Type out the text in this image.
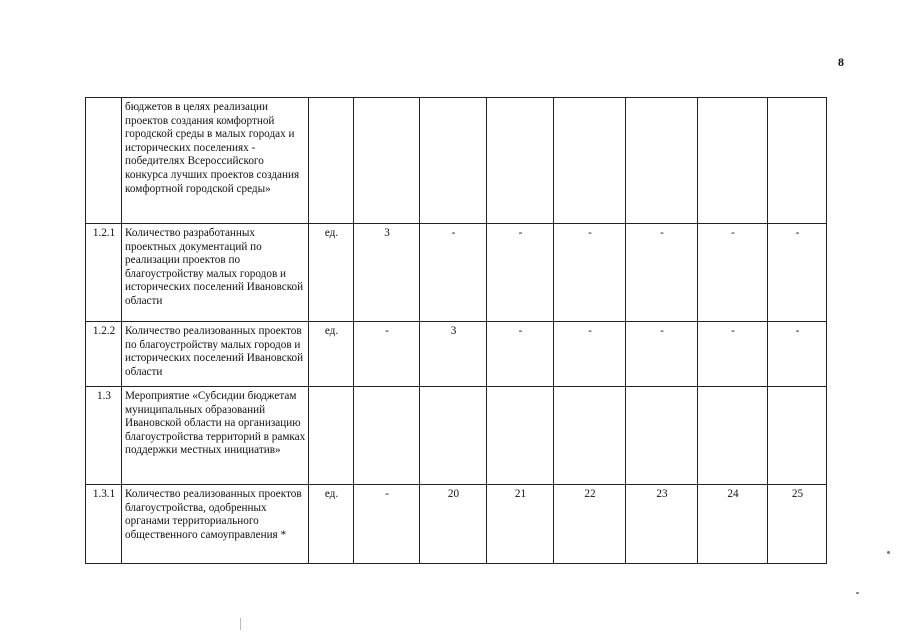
8
	бюджетов в целях реализации проектов создания комфортной городской среды в малых городах и исторических поселениях - победителях Всероссийского конкурса лучших проектов создания комфортной городской среды»								
1.2.1	Количество разработанных проектных документаций по реализации проектов по благоустройству малых городов и исторических поселений Ивановской области	ед.	3	-	-	-	-	-	-
1.2.2	Количество реализованных проектов по благоустройству малых городов и исторических поселений Ивановской области	ед.	-	3	-	-	-	-	-
1.3	Мероприятие «Субсидии бюджетам муниципальных образований Ивановской области на организацию благоустройства территорий в рамках поддержки местных инициатив»								
1.3.1	Количество реализованных проектов благоустройства, одобренных органами территориального общественного самоуправления *	ед.	-	20	21	22	23	24	25
